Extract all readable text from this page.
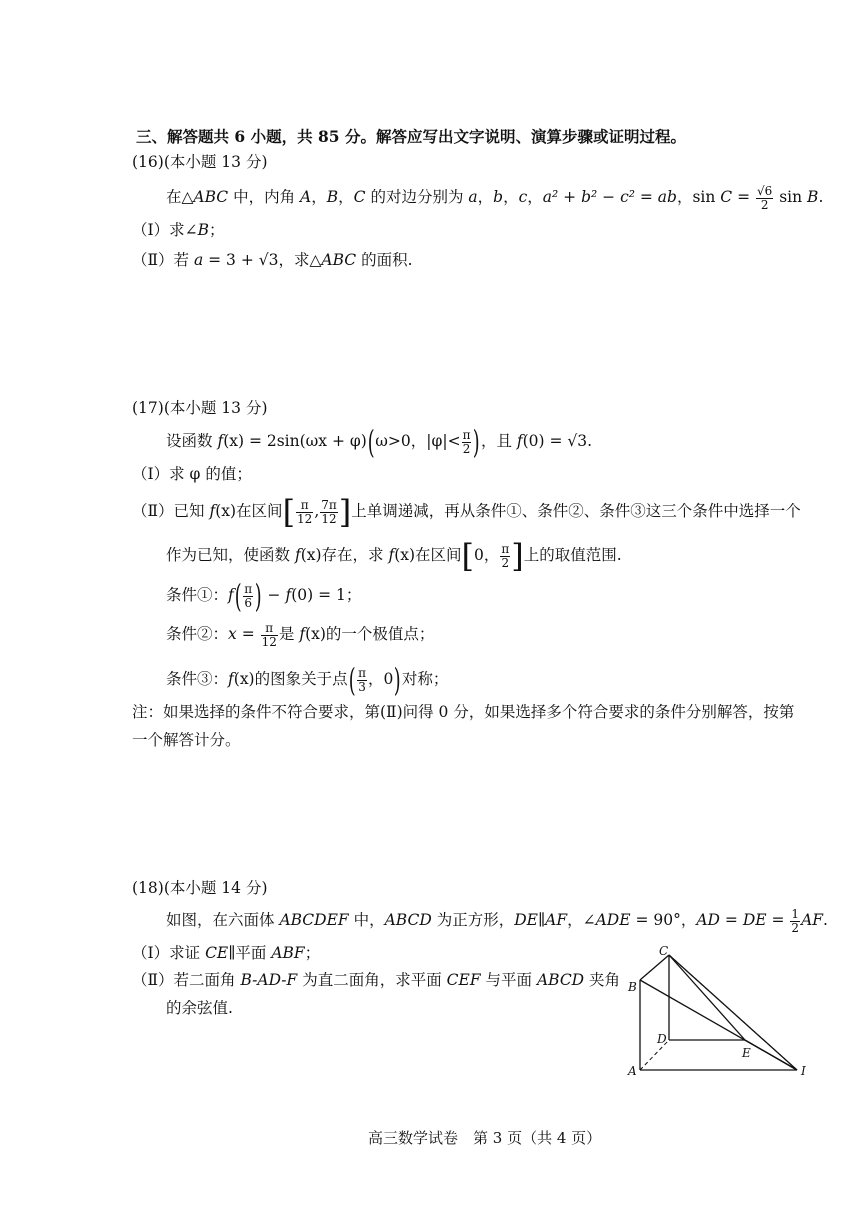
三、解答题共 6 小题，共 85 分。解答应写出文字说明、演算步骤或证明过程。
(16)(本小题 13 分)
在△ABC 中，内角 A，B，C 的对边分别为 a，b，c，a² + b² − c² = ab，$\sin C = \frac{√6}{2}$ sin B.
（Ⅰ）求∠B；
（Ⅱ）若 a = 3 + √3，求△ABC 的面积.
(17)(本小题 13 分)
设函数 f(x) = 2sin(ωx + φ)(ω>0，$|\varphi|< \frac{\pi}{2}$ )，且 f(0) = √3.
（Ⅰ）求 φ 的值；
（Ⅱ）已知 f(x)在区间[ $\frac{\pi}{12}$ , $\frac{7\pi}{12}$ ]上单调递减，再从条件①、条件②、条件③这三个条件中选择一个
作为已知，使函数 f(x)存在，求 f(x)在区间[0， $\frac{\pi}{2}$ ]上的取值范围.
条件①：$f( \frac{\pi}{6}$ ) − f(0) = 1；
条件②：$x = \frac{\pi}{12}$ 是 f(x)的一个极值点；
条件③：f(x)的图象关于点( $\frac{\pi}{3}$ ，0)对称；
注：如果选择的条件不符合要求，第(Ⅱ)问得 0 分，如果选择多个符合要求的条件分别解答，按第
一个解答计分。
(18)(本小题 14 分)
如图，在六面体 ABCDEF 中，ABCD 为正方形，DE∥AF，∠ADE = 90°，AD = DE = $\frac{1}{2}$ AF.
（Ⅰ）求证 CE∥平面 ABF；
（Ⅱ）若二面角 B-AD-F 为直二面角，求平面 CEF 与平面 ABCD 夹角
的余弦值.
C
B
D
E
A	I
高三数学试卷　第 3 页（共 4 页）
